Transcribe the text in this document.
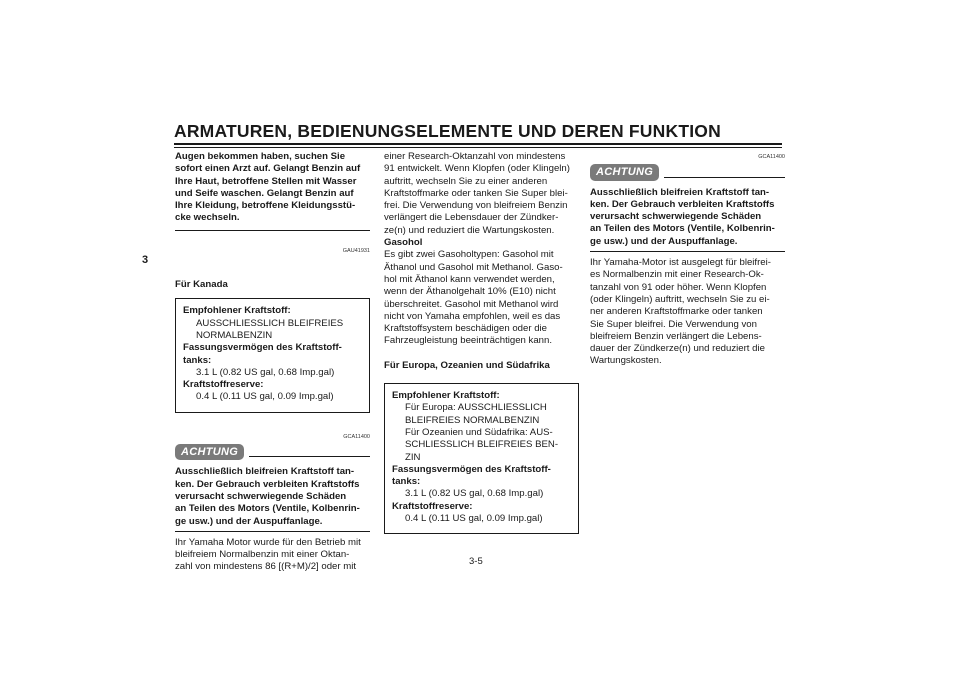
ARMATUREN, BEDIENUNGSELEMENTE UND DEREN FUNKTION
3

Augen bekommen haben, suchen Sie

sofort einen Arzt auf. Gelangt Benzin auf

Ihre Haut, betroffene Stellen mit Wasser

und Seife waschen. Gelangt Benzin auf

Ihre Kleidung, betroffene Kleidungsstü-

cke wechseln.

GAU41931

Für Kanada

Empfohlener Kraftstoff:

AUSSCHLIESSLICH BLEIFREIES

NORMALBENZIN

Fassungsvermögen des Kraftstoff-

tanks:

3.1 L (0.82 US gal, 0.68 Imp.gal)

Kraftstoffreserve:

0.4 L (0.11 US gal, 0.09 Imp.gal)

GCA11400
ACHTUNG

Ausschließlich bleifreien Kraftstoff tan-

ken. Der Gebrauch verbleiten Kraftstoffs

verursacht schwerwiegende Schäden

an Teilen des Motors (Ventile, Kolbenrin-

ge usw.) und der Auspuffanlage.

Ihr Yamaha Motor wurde für den Betrieb mit

bleifreiem Normalbenzin mit einer Oktan-

zahl von mindestens 86 [(R+M)/2] oder mit

einer Research-Oktanzahl von mindestens

91 entwickelt. Wenn Klopfen (oder Klingeln)

auftritt, wechseln Sie zu einer anderen

Kraftstoffmarke oder tanken Sie Super blei-

frei. Die Verwendung von bleifreiem Benzin

verlängert die Lebensdauer der Zündker-

ze(n) und reduziert die Wartungskosten.

Gasohol

Es gibt zwei Gasoholtypen: Gasohol mit

Äthanol und Gasohol mit Methanol. Gaso-

hol mit Äthanol kann verwendet werden,

wenn der Äthanolgehalt 10% (E10) nicht

überschreitet. Gasohol mit Methanol wird

nicht von Yamaha empfohlen, weil es das

Kraftstoffsystem beschädigen oder die

Fahrzeugleistung beeinträchtigen kann.

Für Europa, Ozeanien und Südafrika

Empfohlener Kraftstoff:

Für Europa: AUSSCHLIESSLICH

BLEIFREIES NORMALBENZIN

Für Ozeanien und Südafrika: AUS-

SCHLIESSLICH BLEIFREIES BEN-

ZIN

Fassungsvermögen des Kraftstoff-

tanks:

3.1 L (0.82 US gal, 0.68 Imp.gal)

Kraftstoffreserve:

0.4 L (0.11 US gal, 0.09 Imp.gal)

GCA11400
ACHTUNG

Ausschließlich bleifreien Kraftstoff tan-

ken. Der Gebrauch verbleiten Kraftstoffs

verursacht schwerwiegende Schäden

an Teilen des Motors (Ventile, Kolbenrin-

ge usw.) und der Auspuffanlage.

Ihr Yamaha-Motor ist ausgelegt für bleifrei-

es Normalbenzin mit einer Research-Ok-

tanzahl von 91 oder höher. Wenn Klopfen

(oder Klingeln) auftritt, wechseln Sie zu ei-

ner anderen Kraftstoffmarke oder tanken

Sie Super bleifrei. Die Verwendung von

bleifreiem Benzin verlängert die Lebens-

dauer der Zündkerze(n) und reduziert die

Wartungskosten.

3-5
